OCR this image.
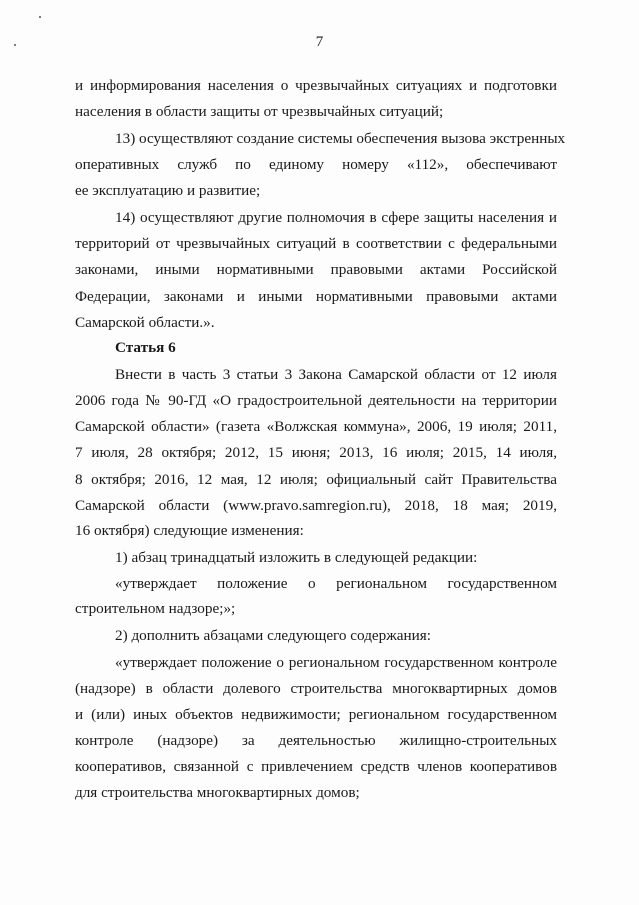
7
и информирования населения о чрезвычайных ситуациях и подготовки
населения в области защиты от чрезвычайных ситуаций;
13) осуществляют создание системы обеспечения вызова экстренных
оперативных служб по единому номеру «112», обеспечивают
ее эксплуатацию и развитие;
14) осуществляют другие полномочия в сфере защиты населения и
территорий от чрезвычайных ситуаций в соответствии с федеральными
законами, иными нормативными правовыми актами Российской
Федерации, законами и иными нормативными правовыми актами
Самарской области.».
Статья 6
Внести в часть 3 статьи 3 Закона Самарской области от 12 июля
2006 года № 90-ГД «О градостроительной деятельности на территории
Самарской области» (газета «Волжская коммуна», 2006, 19 июля; 2011,
7 июля, 28 октября; 2012, 15 июня; 2013, 16 июля; 2015, 14 июля,
8 октября; 2016, 12 мая, 12 июля; официальный сайт Правительства
Самарской области (www.pravo.samregion.ru), 2018, 18 мая; 2019,
16 октября) следующие изменения:
1) абзац тринадцатый изложить в следующей редакции:
«утверждает положение о региональном государственном
строительном надзоре;»;
2) дополнить абзацами следующего содержания:
«утверждает положение о региональном государственном контроле
(надзоре) в области долевого строительства многоквартирных домов
и (или) иных объектов недвижимости; региональном государственном
контроле (надзоре) за деятельностью жилищно-строительных
кооперативов, связанной с привлечением средств членов кооперативов
для строительства многоквартирных домов;
